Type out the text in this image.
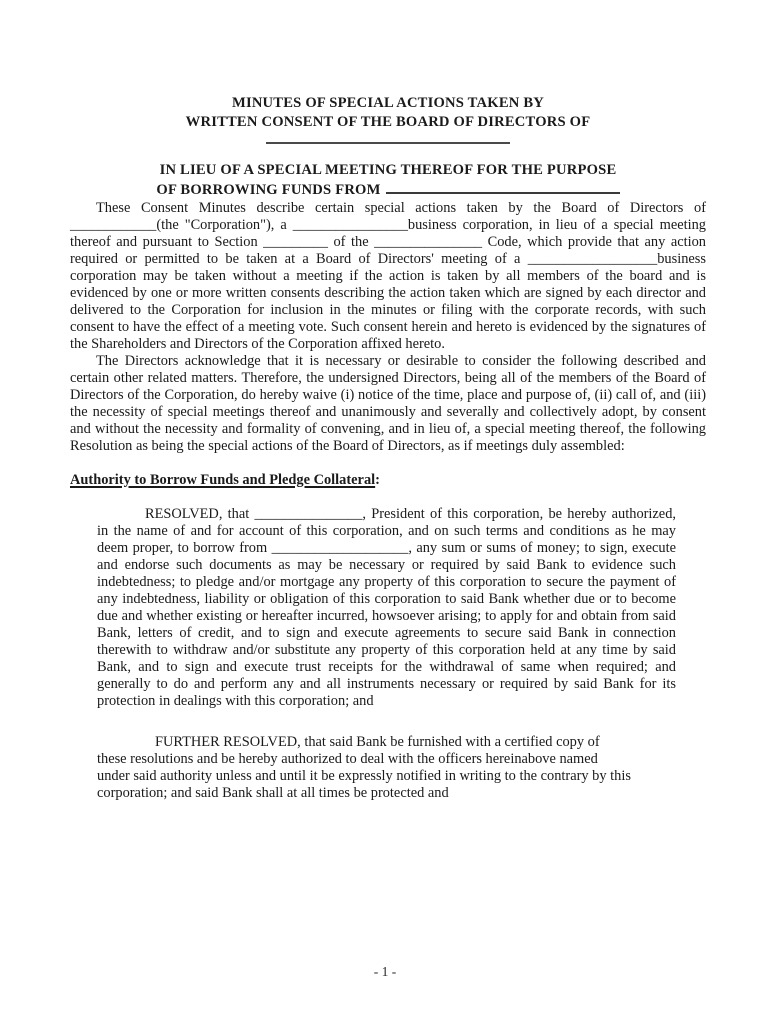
MINUTES OF SPECIAL ACTIONS TAKEN BY
WRITTEN CONSENT OF THE BOARD OF DIRECTORS OF
IN LIEU OF A SPECIAL MEETING THEREOF FOR THE PURPOSE
OF BORROWING FUNDS FROM

These Consent Minutes describe certain special actions taken by the Board of Directors of ____________(the "Corporation"), a ________________business corporation, in lieu of a special meeting thereof and pursuant to Section _________ of the _______________ Code, which provide that any action required or permitted to be taken at a Board of Directors' meeting of a __________________business corporation may be taken without a meeting if the action is taken by all members of the board and is evidenced by one or more written consents describing the action taken which are signed by each director and delivered to the Corporation for inclusion in the minutes or filing with the corporate records, with such consent to have the effect of a meeting vote. Such consent herein and hereto is evidenced by the signatures of the Shareholders and Directors of the Corporation affixed hereto.

The Directors acknowledge that it is necessary or desirable to consider the following described and certain other related matters. Therefore, the undersigned Directors, being all of the members of the Board of Directors of the Corporation, do hereby waive (i) notice of the time, place and purpose of, (ii) call of, and (iii) the necessity of special meetings thereof and unanimously and severally and collectively adopt, by consent and without the necessity and formality of convening, and in lieu of, a special meeting thereof, the following Resolution as being the special actions of the Board of Directors, as if meetings duly assembled:

Authority to Borrow Funds and Pledge Collateral:

RESOLVED, that _______________, President of this corporation, be hereby authorized, in the name of and for account of this corporation, and on such terms and conditions as he may deem proper, to borrow from ___________________, any sum or sums of money; to sign, execute and endorse such documents as may be necessary or required by said Bank to evidence such indebtedness; to pledge and/or mortgage any property of this corporation to secure the payment of any indebtedness, liability or obligation of this corporation to said Bank whether due or to become due and whether existing or hereafter incurred, howsoever arising; to apply for and obtain from said Bank, letters of credit, and to sign and execute agreements to secure said Bank in connection therewith to withdraw and/or substitute any property of this corporation held at any time by said Bank, and to sign and execute trust receipts for the withdrawal of same when required; and generally to do and perform any and all instruments necessary or required by said Bank for its protection in dealings with this corporation; and

FURTHER RESOLVED, that said Bank be furnished with a certified copy of these resolutions and be hereby authorized to deal with the officers hereinabove named under said authority unless and until it be expressly notified in writing to the contrary by this corporation; and said Bank shall at all times be protected and

- 1 -
